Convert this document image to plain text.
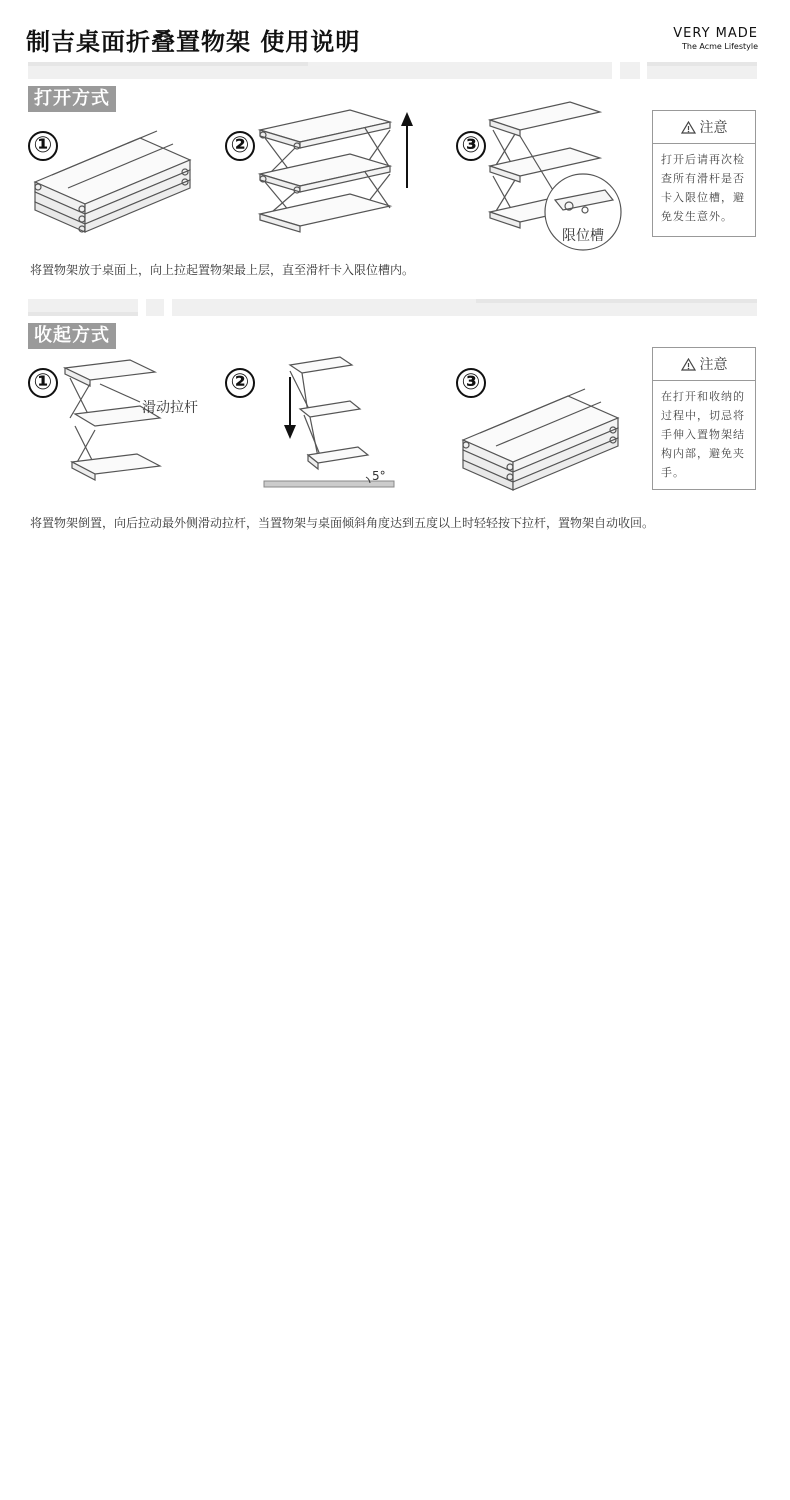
制吉桌面折叠置物架 使用说明	VERY MADE
The Acme Lifestyle
打开方式
①	②	③
限位槽
注意
打开后请再次检查所有滑杆是否卡入限位槽，避免发生意外。
将置物架放于桌面上，向上拉起置物架最上层，直至滑杆卡入限位槽内。
收起方式
①	②	③
滑动拉杆
5°
注意
在打开和收纳的过程中，切忌将手伸入置物架结构内部，避免夹手。
将置物架倒置，向后拉动最外侧滑动拉杆，当置物架与桌面倾斜角度达到五度以上时轻轻按下拉杆，置物架自动收回。
